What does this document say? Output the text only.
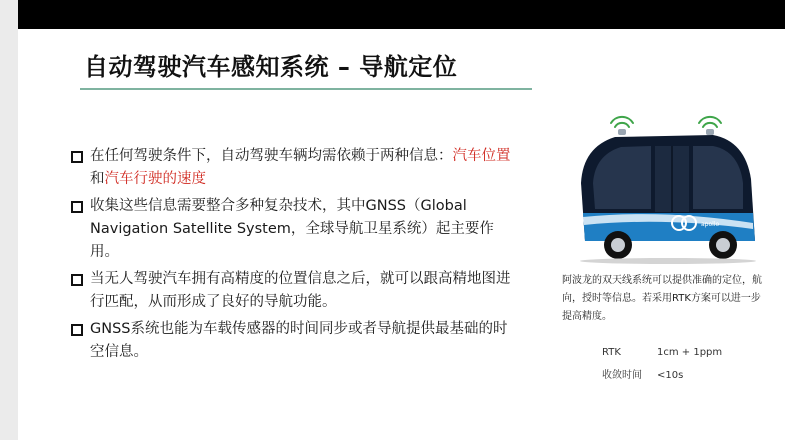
自动驾驶汽车感知系统 – 导航定位
在任何驾驶条件下，自动驾驶车辆均需依赖于两种信息：汽车位置和汽车行驶的速度
收集这些信息需要整合多种复杂技术，其中GNSS（Global Navigation Satellite System，全球导航卫星系统）起主要作用。
当无人驾驶汽车拥有高精度的位置信息之后，就可以跟高精地图进行匹配，从而形成了良好的导航功能。
GNSS系统也能为车载传感器的时间同步或者导航提供最基础的时空信息。
apollo
阿波龙的双天线系统可以提供准确的定位，航向，授时等信息。若采用RTK方案可以进一步提高精度。
RTK	1cm + 1ppm
收敛时间 <10s
